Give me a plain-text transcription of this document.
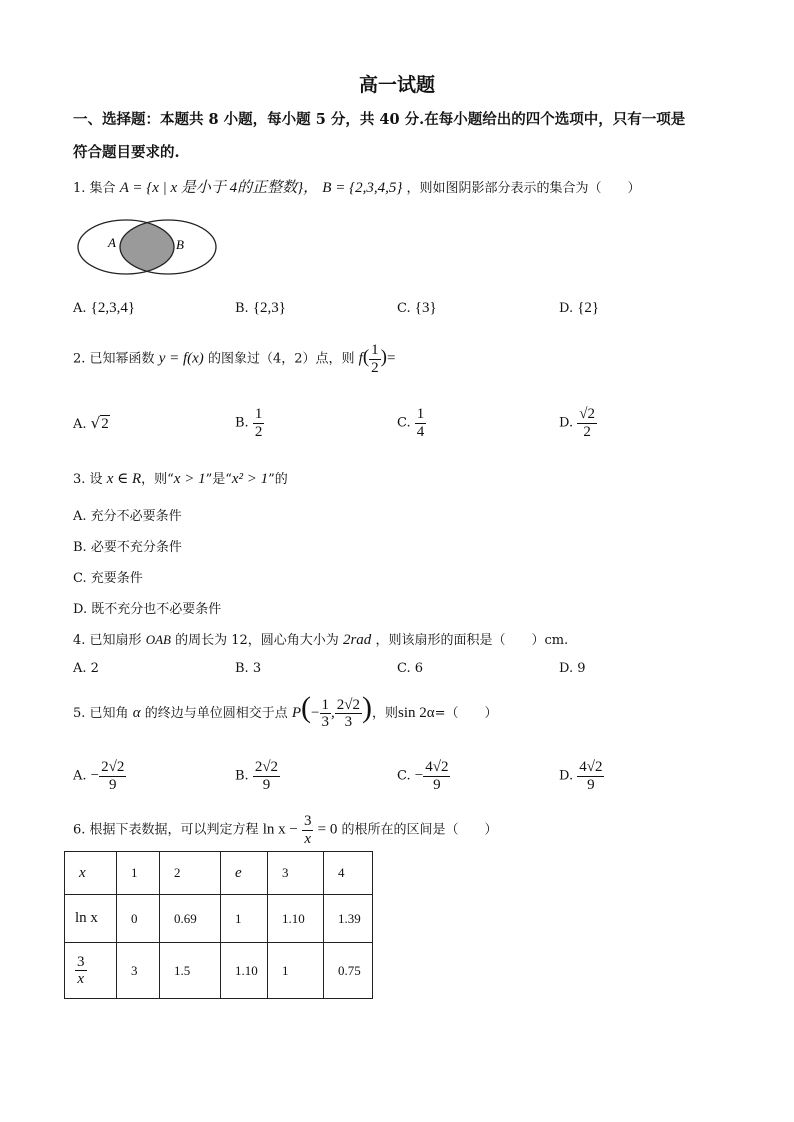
高一试题
一、选择题：本题共 8 小题，每小题 5 分，共 40 分.在每小题给出的四个选项中，只有一项是
符合题目要求的.
1. 集合 A = {x | x 是小于 4的正整数}， B = {2,3,4,5} ，则如图阴影部分表示的集合为（　　）
A	B
A. {2,3,4}	B. {2,3}	C. {3}	D. {2}
2. 已知幂函数 y = f(x) 的图象过（4，2）点，则 $f( \frac{1}{2}$ )=
A. √2	B. $\frac{1}{2}$	C. $\frac{1}{4}$	D. $\frac{√2}{2}$
3. 设 x ∈ R，则“x > 1”是“x² > 1”的
A. 充分不必要条件
B. 必要不充分条件
C. 充要条件
D. 既不充分也不必要条件
4. 已知扇形 OAB 的周长为 12，圆心角大小为 2rad ，则该扇形的面积是（　　）cm.
A. 2	B. 3	C. 6	D. 9
5. 已知角 α 的终边与单位圆相交于点 $P(- \frac{1}{3}$ , $\frac{2√2}{3}$ )，则sin 2α=（　　）
A. − $\frac{2√2}{9}$	B. $\frac{2√2}{9}$	C. − $\frac{4√2}{9}$	D. $\frac{4√2}{9}$
6. 根据下表数据，可以判定方程 $\ln x - \frac{3}{x} = 0$ 的根所在的区间是（　　）
x	1	2	e	3	4
ln x	0	0.69	1	1.10	1.39

$\frac{3}{x}$	3	1.5	1.10	1	0.75
